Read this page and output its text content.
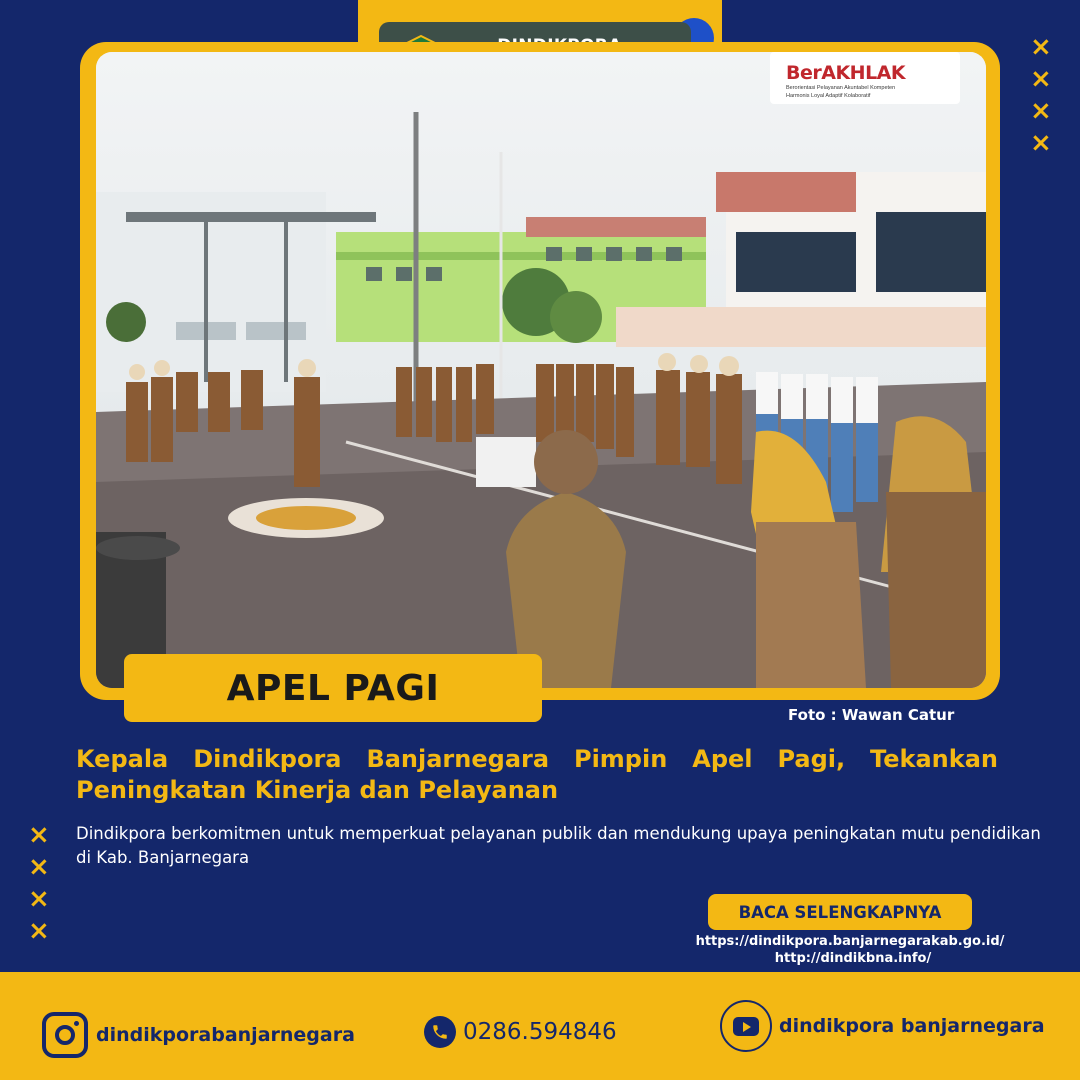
×
×
×
×
×
×
×
×
BerAKHLAK
Berorientasi Pelayanan Akuntabel Kompeten
Harmonis Loyal Adaptif Kolaboratif
APEL PAGI
Foto : Wawan Catur
Kepala Dindikpora Banjarnegara Pimpin Apel Pagi, Tekankan Peningkatan Kinerja dan Pelayanan
Dindikpora berkomitmen untuk memperkuat pelayanan publik dan mendukung upaya peningkatan mutu pendidikan di Kab. Banjarnegara
BACA SELENGKAPNYA
https://dindikpora.banjarnegarakab.go.id/
http://dindikbna.info/
dindikporabanjarnegara	0286.594846	dindikpora banjarnegara
